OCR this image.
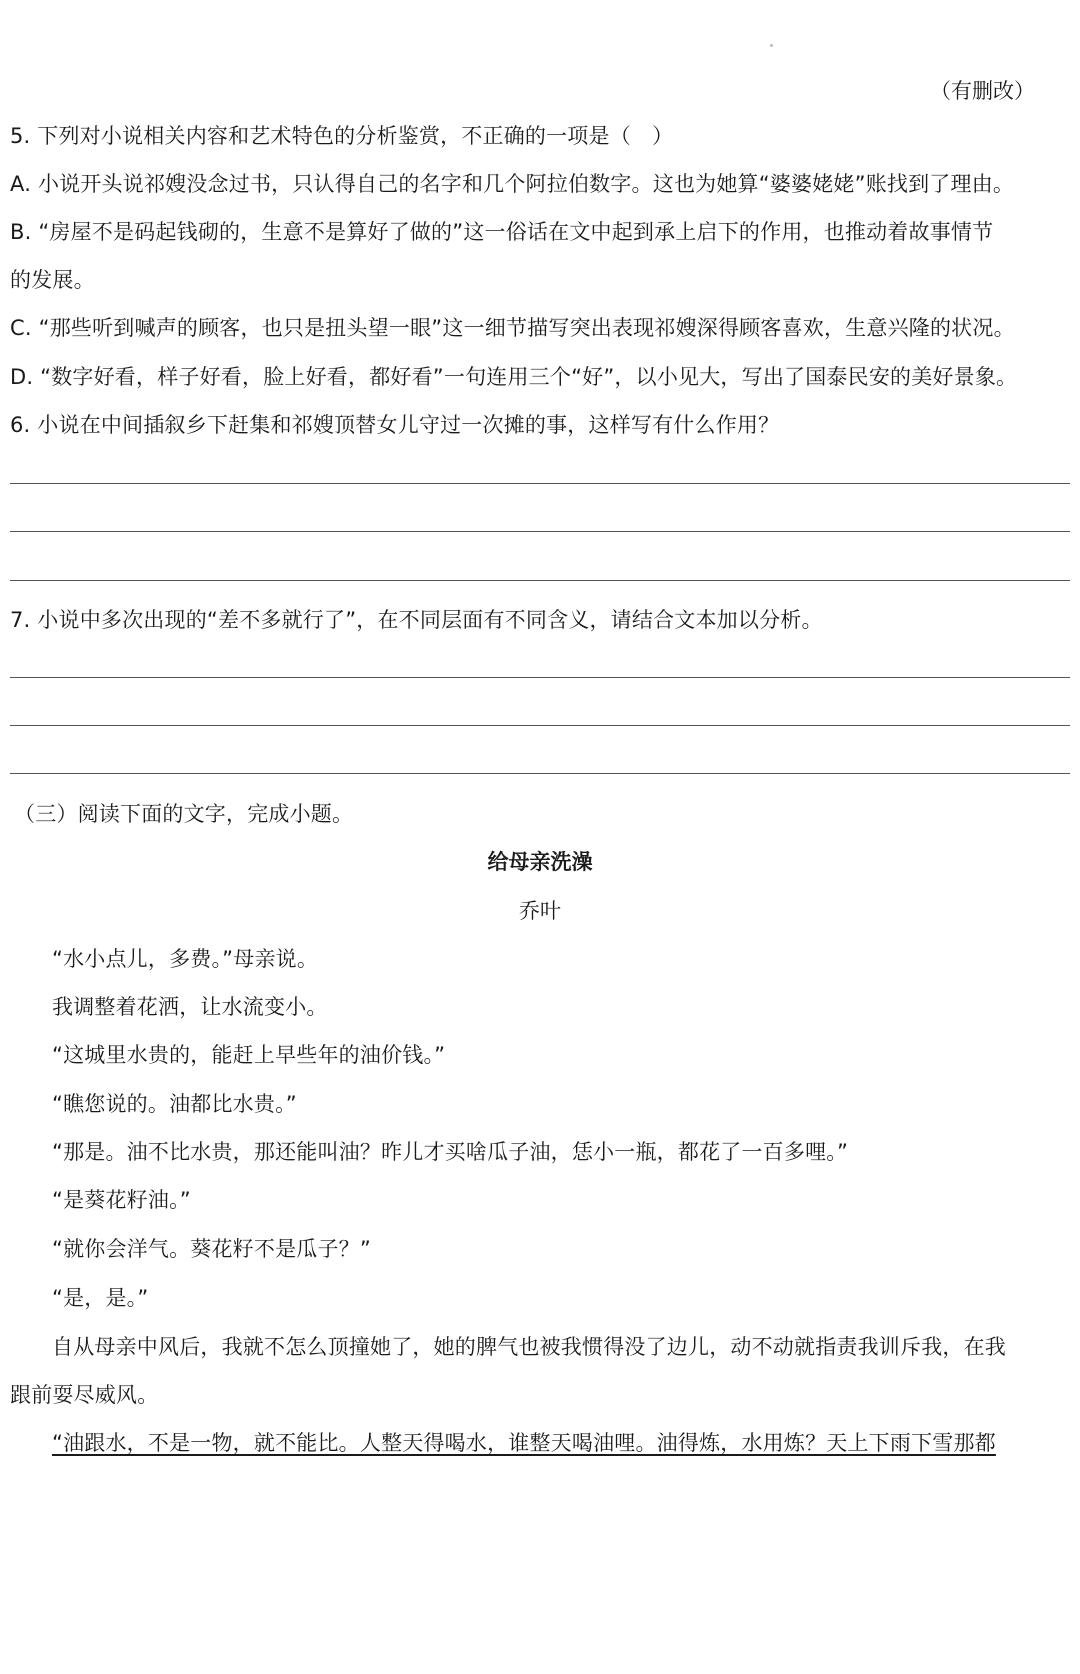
（有删改）
5. 下列对小说相关内容和艺术特色的分析鉴赏，不正确的一项是（　）
A. 小说开头说祁嫂没念过书，只认得自己的名字和几个阿拉伯数字。这也为她算“婆婆姥姥”账找到了理由。
B. “房屋不是码起钱砌的，生意不是算好了做的”这一俗话在文中起到承上启下的作用，也推动着故事情节
的发展。
C. “那些听到喊声的顾客，也只是扭头望一眼”这一细节描写突出表现祁嫂深得顾客喜欢，生意兴隆的状况。
D. “数字好看，样子好看，脸上好看，都好看”一句连用三个“好”，以小见大，写出了国泰民安的美好景象。
6. 小说在中间插叙乡下赶集和祁嫂顶替女儿守过一次摊的事，这样写有什么作用？
7. 小说中多次出现的“差不多就行了”，在不同层面有不同含义，请结合文本加以分析。
（三）阅读下面的文字，完成小题。
给母亲洗澡
乔叶
“水小点儿，多费。”母亲说。
我调整着花洒，让水流变小。
“这城里水贵的，能赶上早些年的油价钱。”
“瞧您说的。油都比水贵。”
“那是。油不比水贵，那还能叫油？昨儿才买啥瓜子油，恁小一瓶，都花了一百多哩。”
“是葵花籽油。”
“就你会洋气。葵花籽不是瓜子？”
“是，是。”
自从母亲中风后，我就不怎么顶撞她了，她的脾气也被我惯得没了边儿，动不动就指责我训斥我，在我
跟前耍尽威风。
“油跟水，不是一物，就不能比。人整天得喝水，谁整天喝油哩。油得炼，水用炼？天上下雨下雪那都
